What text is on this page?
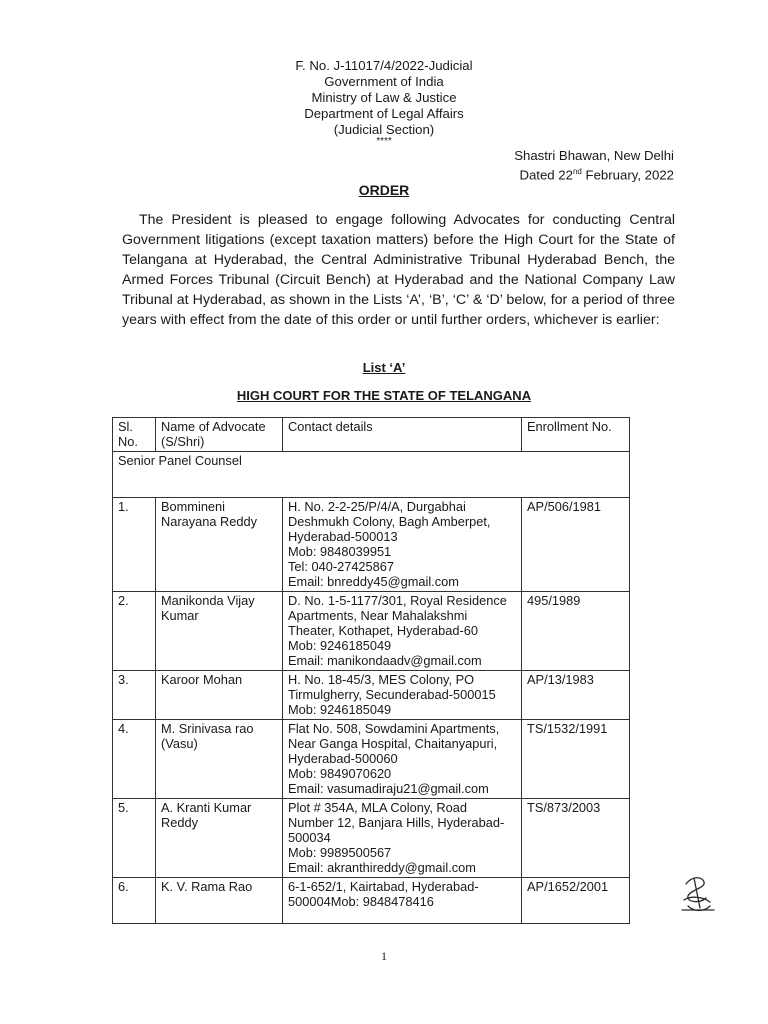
F. No. J-11017/4/2022-Judicial
Government of India
Ministry of Law & Justice
Department of Legal Affairs
(Judicial Section)
****
Shastri Bhawan, New Delhi
Dated 22nd February, 2022
ORDER

The President is pleased to engage following Advocates for conducting Central Government litigations (except taxation matters) before the High Court for the State of Telangana at Hyderabad, the Central Administrative Tribunal Hyderabad Bench, the Armed Forces Tribunal (Circuit Bench) at Hyderabad and the National Company Law Tribunal at Hyderabad, as shown in the Lists ‘A’, ‘B’, ‘C’ & ‘D’ below, for a period of three years with effect from the date of this order or until further orders, whichever is earlier:

List ‘A’
HIGH COURT FOR THE STATE OF TELANGANA
Sl. No.	Name of Advocate (S/Shri)	Contact details	Enrollment No.
Senior Panel Counsel			
1.	Bommineni Narayana Reddy	H. No. 2-2-25/P/4/A, Durgabhai Deshmukh Colony, Bagh Amberpet, Hyderabad-500013
Mob: 9848039951
Tel: 040-27425867
Email: bnreddy45@gmail.com	AP/506/1981
2.	Manikonda Vijay Kumar	D. No. 1-5-1177/301, Royal Residence Apartments, Near Mahalakshmi Theater, Kothapet, Hyderabad-60
Mob: 9246185049
Email: manikondaadv@gmail.com	495/1989
3.	Karoor Mohan	H. No. 18-45/3, MES Colony, PO Tirmulgherry, Secunderabad-500015
Mob: 9246185049	AP/13/1983
4.	M. Srinivasa rao (Vasu)	Flat No. 508, Sowdamini Apartments, Near Ganga Hospital, Chaitanyapuri, Hyderabad-500060
Mob: 9849070620
Email: vasumadiraju21@gmail.com	TS/1532/1991
5.	A. Kranti Kumar Reddy	Plot # 354A, MLA Colony, Road Number 12, Banjara Hills, Hyderabad-500034
Mob: 9989500567
Email: akranthireddy@gmail.com	TS/873/2003
6.	K. V. Rama Rao	6-1-652/1, Kairtabad, Hyderabad-500004Mob: 9848478416	AP/1652/2001
1
